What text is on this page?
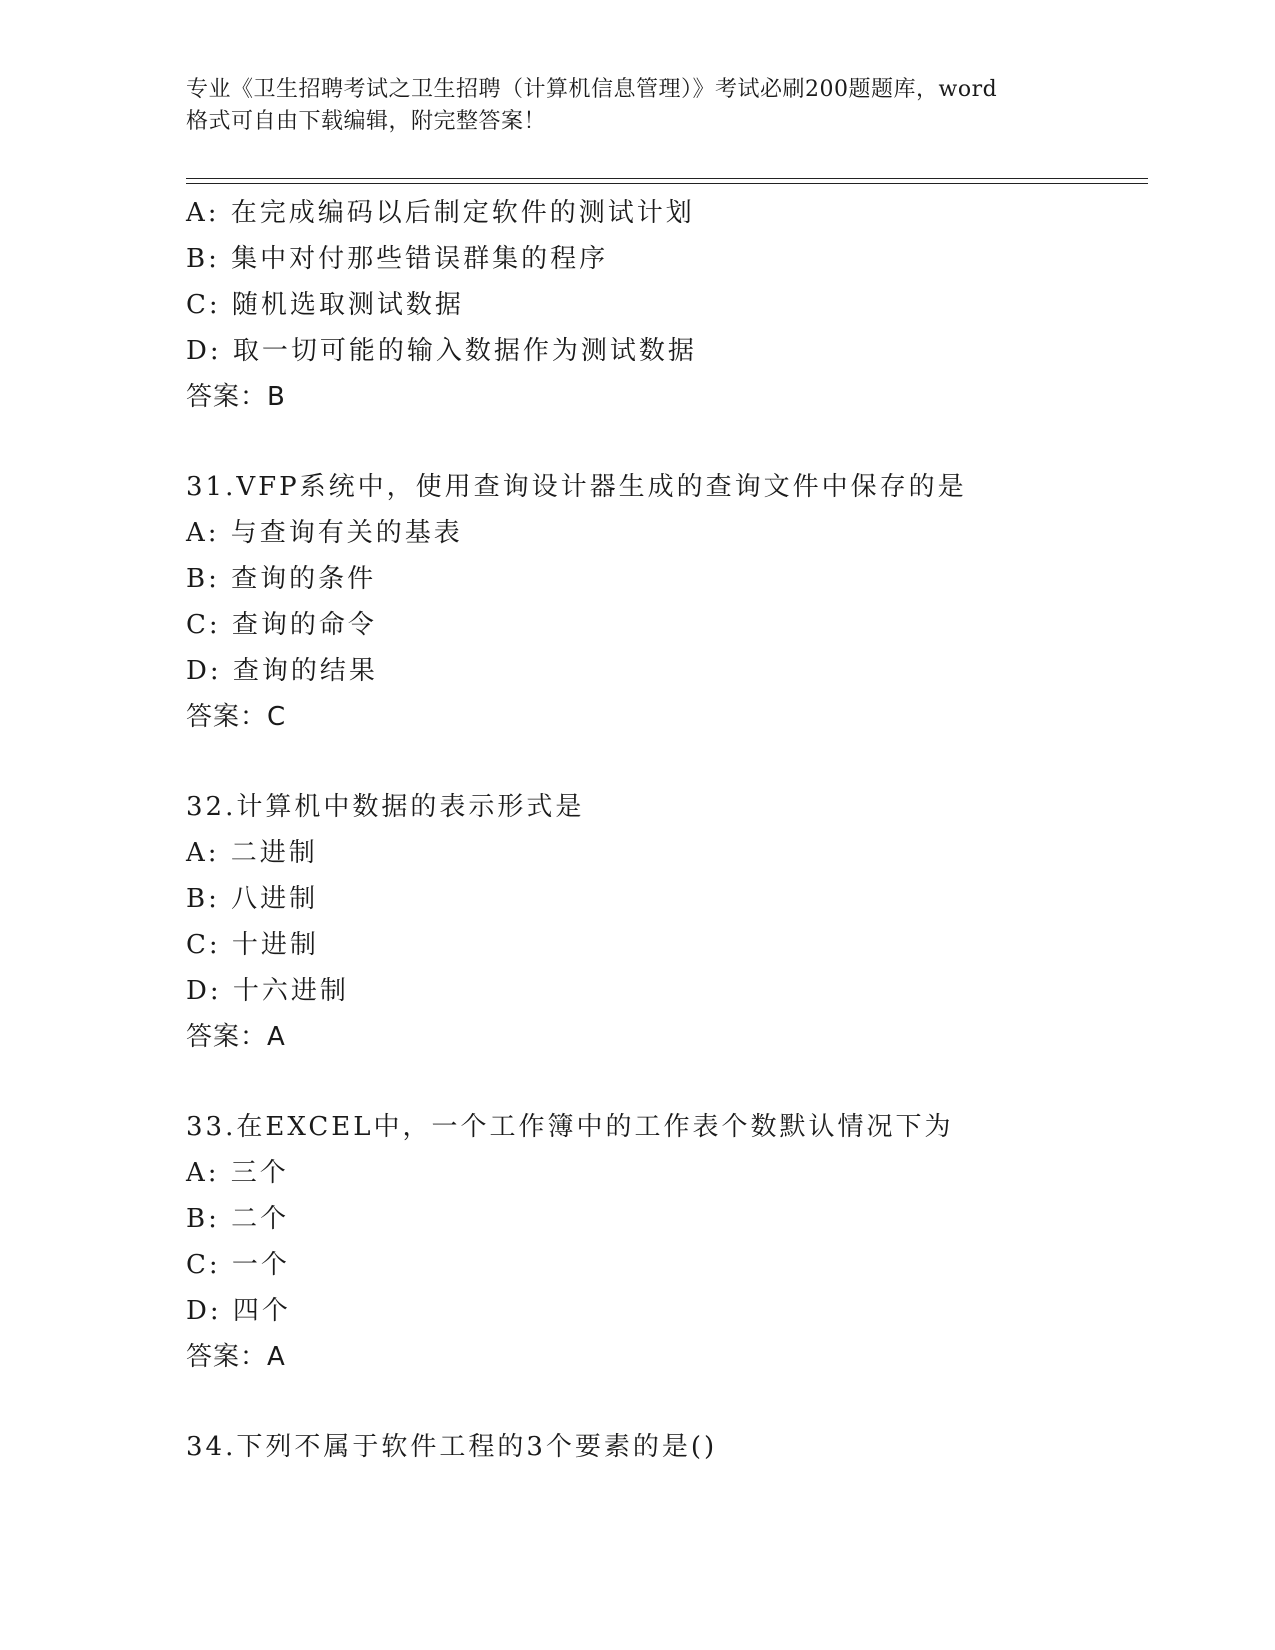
专业《卫生招聘考试之卫生招聘（计算机信息管理）》考试必刷200题题库，word
格式可自由下载编辑，附完整答案！
A: 在完成编码以后制定软件的测试计划
B: 集中对付那些错误群集的程序
C: 随机选取测试数据
D: 取一切可能的输入数据作为测试数据
答案：B
31.VFP系统中，使用查询设计器生成的查询文件中保存的是
A: 与查询有关的基表
B: 查询的条件
C: 查询的命令
D: 查询的结果
答案：C
32.计算机中数据的表示形式是
A: 二进制
B: 八进制
C: 十进制
D: 十六进制
答案：A
33.在EXCEL中，一个工作簿中的工作表个数默认情况下为
A: 三个
B: 二个
C: 一个
D: 四个
答案：A
34.下列不属于软件工程的3个要素的是()
